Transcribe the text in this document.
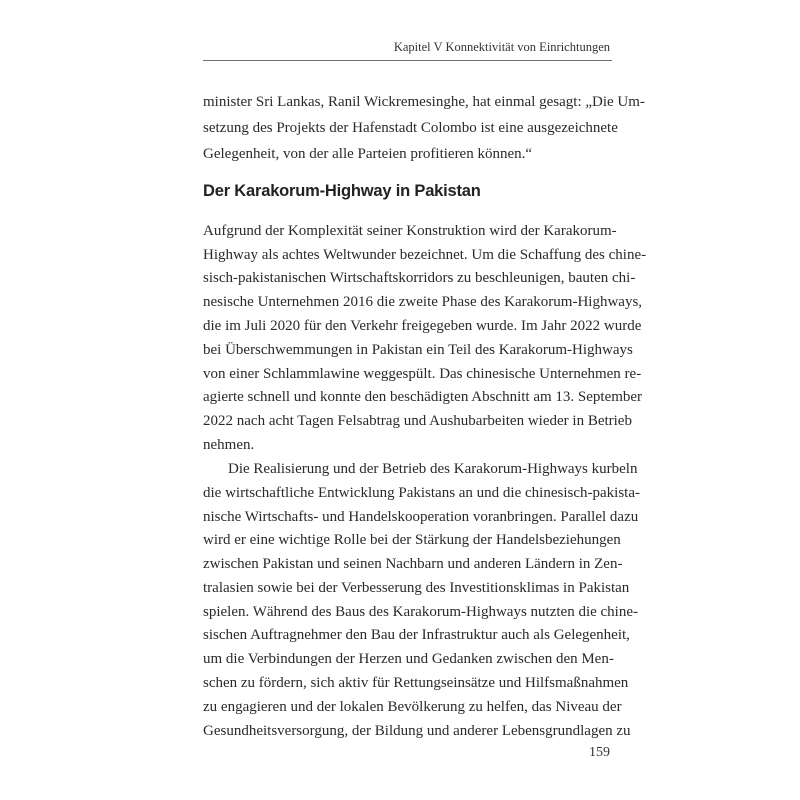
Kapitel V Konnektivität von Einrichtungen
minister Sri Lankas, Ranil Wickremesinghe, hat einmal gesagt: „Die Um-
setzung des Projekts der Hafenstadt Colombo ist eine ausgezeichnete
Gelegenheit, von der alle Parteien profitieren können.“
Der Karakorum-Highway in Pakistan
Aufgrund der Komplexität seiner Konstruktion wird der Karakorum-
Highway als achtes Weltwunder bezeichnet. Um die Schaffung des chine-
sisch-pakistanischen Wirtschaftskorridors zu beschleunigen, bauten chi-
nesische Unternehmen 2016 die zweite Phase des Karakorum-Highways,
die im Juli 2020 für den Verkehr freigegeben wurde. Im Jahr 2022 wurde
bei Überschwemmungen in Pakistan ein Teil des Karakorum-Highways
von einer Schlammlawine weggespült. Das chinesische Unternehmen re-
agierte schnell und konnte den beschädigten Abschnitt am 13. September
2022 nach acht Tagen Felsabtrag und Aushubarbeiten wieder in Betrieb
nehmen.
Die Realisierung und der Betrieb des Karakorum-Highways kurbeln
die wirtschaftliche Entwicklung Pakistans an und die chinesisch-pakista-
nische Wirtschafts- und Handelskooperation voranbringen. Parallel dazu
wird er eine wichtige Rolle bei der Stärkung der Handelsbeziehungen
zwischen Pakistan und seinen Nachbarn und anderen Ländern in Zen-
tralasien sowie bei der Verbesserung des Investitionsklimas in Pakistan
spielen. Während des Baus des Karakorum-Highways nutzten die chine-
sischen Auftragnehmer den Bau der Infrastruktur auch als Gelegenheit,
um die Verbindungen der Herzen und Gedanken zwischen den Men-
schen zu fördern, sich aktiv für Rettungseinsätze und Hilfsmaßnahmen
zu engagieren und der lokalen Bevölkerung zu helfen, das Niveau der
Gesundheitsversorgung, der Bildung und anderer Lebensgrundlagen zu
159
